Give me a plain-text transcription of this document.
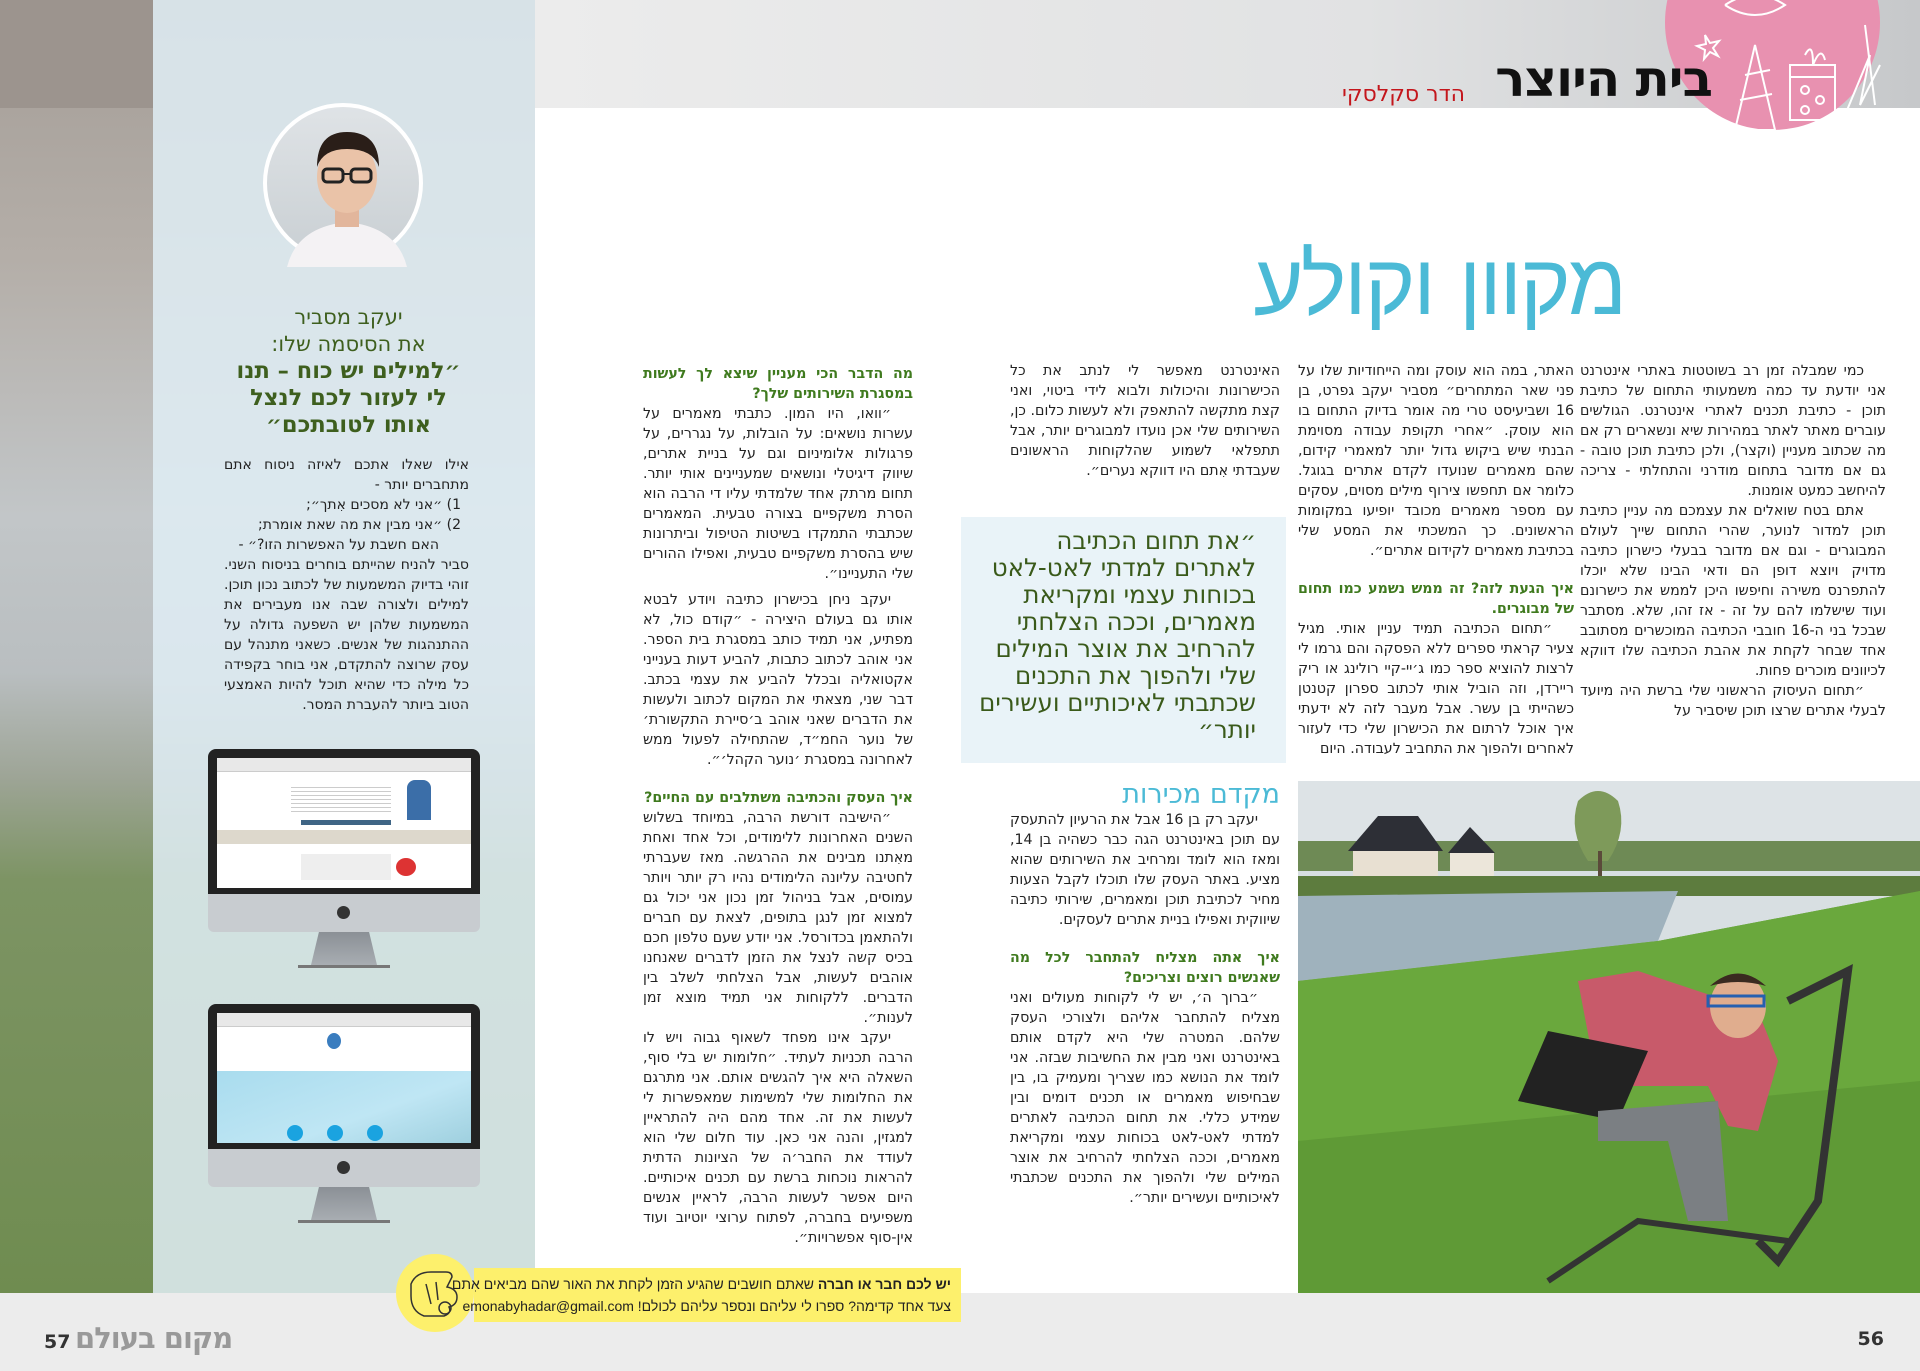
בית היוצר
הדר סקלסקי
מקוון וקולע

כמי שמבלה זמן רב בשוטטות באתרי אינטרנט אני יודעת עד כמה משמעותי התחום של כתיבת תוכן - כתיבת תכנים לאתרי אינטרנט. הגולשים עוברים מאתר לאתר במהירות שיא ונשארים רק אם מה שכתוב מעניין (וקצר), ולכן כתיבת תוכן טובה - גם אם מדובר בתחום מודרני והתחלתי - צריכה להיחשב כמעט אומנות.

אתם בטח שואלים את עצמכם מה עניין כתיבת תוכן למדור לנוער, שהרי התחום שייך לעולם המבוגרים - וגם אם מדובר בבעלי כישרון כתיבה מדויק ויוצא דופן הם ודאי הבינו שלא יוכלו להתפרנס משירה וחיפשו היכן לממש את כישרונם ועוד שישלמו להם על זה - אז זהו, שלא. מסתבר שבכל בני ה-16 חובבי הכתיבה המוכשרים מסתובב אחד שבחר לקחת את אהבת הכתיבה שלו דווקא לכיוונים מוכרים פחות.

״תחום העיסוק הראשוני שלי ברשת היה מיועד לבעלי אתרים שרצו תוכן שיסביר על

האתר, במה הוא עוסק ומה הייחודיות שלו על פני שאר המתחרים״ מסביר יעקב גפרט, בן 16 ושביעיסט טרי מה אומר בדיוק התחום בו הוא עוסק. ״אחרי תקופת עבודה מסוימת הבנתי שיש ביקוש גדול יותר למאמרי קידום, שהם מאמרים שנועדו לקדם אתרים בגוגל. כלומר אם תחפשו צירוף מילים מסוים, עסקים עם מספר מאמרים מכובד יופיעו במקומות הראשונים. כך המשכתי את המסע שלי בכתיבת מאמרים לקידום אתרים״.

איך הגעת לזה? זה ממש נשמע כמו תחום של מבוגרים.

״תחום הכתיבה תמיד עניין אותי. מגיל צעיר קראתי ספרים ללא הפסקה והם גרמו לי לרצות להוציא ספר כמו ג׳יי-קיי רולינג או ריק ריירדן, וזה הוביל אותי לכתוב ספרון קטנטן כשהייתי בן עשר. אבל מעבר לזה לא ידעתי איך אוכל לרתום את הכישרון שלי כדי לעזור לאחרים ולהפוך את התחביב לעבודה. היום

האינטרנט מאפשר לי לנתב את כל הכישרונות והיכולות ולבוא לידי ביטוי, ואני קצת מתקשה להתאפק ולא לעשות כלום. כן, השירותים שלי אכן נועדו למבוגרים יותר, אבל תתפלאי לשמוע שהלקוחות הראשונים שעבדתי אִתם היו דווקא נערים״.

״את תחום הכתיבה לאתרים למדתי לאט-לאט בכוחות עצמי ומקריאת מאמרים, וככה הצלחתי להרחיב את אוצר המילים שלי ולהפוך את התכנים שכתבתי לאיכותיים ועשירים יותר״
מקדם מכירות

יעקב רק בן 16 אבל את הרעיון להתעסק עם תוכן באינטרנט הגה כבר כשהיה בן 14, ומאז הוא לומד ומרחיב את השירותים שהוא מציע. באתר העסק שלו תוכלו לקבל הצעות מחיר לכתיבת תוכן ומאמרים, שירותי כתיבה שיווקית ואפילו בניית אתרים לעסקים.

איך אתה מצליח להתחבר לכל מה שאנשים רוצים וצריכים?

״ברוך ה׳, יש לי לקוחות מעולים ואני מצליח להתחבר אליהם ולצורכי העסק שלהם. המטרה שלי היא לקדם אותם באינטרנט ואני מבין את החשיבות שבזה. אני לומד את הנושא כמו שצריך ומעמיק בו, בין שבחיפוש מאמרים או תכנים דומים ובין שמידע כללי. את תחום הכתיבה לאתרים למדתי לאט-לאט בכוחות עצמי ומקריאת מאמרים, וככה הצלחתי להרחיב את אוצר המילים שלי ולהפוך את התכנים שכתבתי לאיכותיים ועשירים יותר״.

מה הדבר הכי מעניין שיצא לך לעשות במסגרת השירותים שלך?

״וואו, היו המון. כתבתי מאמרים על עשרות נושאים: על הובלות, על נגררים, על פרגולות אלומיניום וגם על בניית אתרים, שיווק דיגיטלי ונושאים שמעניינים אותי יותר. תחום מרתק אחד שלמדתי עליו די הרבה הוא הסרת משקפיים בצורה טבעית. המאמרים שכתבתי התמקדו בשיטות הטיפול וביתרונות שיש בהסרת משקפיים טבעית, ואפילו ההורים שלי התעניינו״.

יעקב ניחן בכישרון כתיבה ויודע לבטא אותו גם בעולם היצירה - ״קודם כול, לא מפתיע, אני תמיד כותב במסגרת בית הספר. אני אוהב לכתוב כתבות, להביע דעות בענייני אקטואליה ובכלל להביע את עצמי בכתב. דבר שני, מצאתי את המקום לכתוב ולעשות את הדברים שאני אוהב ב׳סיירת התקשורת׳ של נוער החמ״ד, שהתחילה לפעול ממש לאחרונה במסגרת ׳נוער הקהל׳״.

איך העסק והכתיבה משתלבים עם החיים?

״הישיבה דורשת הרבה, במיוחד בשלוש השנים האחרונות ללימודים, וכל אחד ואחת מאִתנו מבינים את ההרגשה. מאז שעברתי לחטיבה עליונה הלימודים נהיו רק יותר ויותר עמוסים, אבל בניהול זמן נכון אני יכול גם למצוא זמן לנגן בתופים, לצאת עם חברים ולהתאמן בכדורסל. אני יודע שעם טלפון חכם בכיס קשה לנצל את הזמן לדברים שאנחנו אוהבים לעשות, אבל הצלחתי לשלב בין הדברים. ללקוחות אני תמיד מוצא זמן לענות״.

יעקב אינו מפחד לשאוף גבוה ויש לו הרבה תכניות לעתיד. ״חלומות יש בלי סוף, השאלה היא איך להגשים אותם. אני מתרגם את החלומות שלי למשימות שמאפשרות לי לעשות את זה. אחד מהם היה להתראיין למגזין, והנה אני כאן. עוד חלום שלי הוא לעודד את החבר׳ה של הציונות הדתית להראות נוכחות ברשת עם תכנים איכותיים. היום אפשר לעשות הרבה, לראיין אנשים משפיעים בחברה, לפתוח ערוצי יוטיוב ועוד אין-סוף אפשרויות״.

יעקב מסביר
את הסיסמה שלו:
״למילים יש כוח – תנו לי לעזור לכם לנצל אותו לטובתכם״

אילו שאלו אתכם לאיזה ניסוח אתם מתחברים יותר -

1) ״אני לא מסכים אִתך״;

2) ״אני מבין את מה שאת אומרת;

האם חשבת על האפשרות הזו?״ -

סביר להניח שהייתם בוחרים בניסוח השני. זוהי בדיוק המשמעות של לכתוב נכון תוכן. למילים ולצורה שבה אנו מעבירים את המשמעות שלהן יש השפעה גדולה על ההתנהגות של אנשים. כשאני מתנהל עם עסק שרוצה להתקדם, אני בוחר בקפידה כל מילה כדי שהיא תוכל להיות האמצעי הטוב ביותר להעברת המסר.

יש לכם חבר או חברה שאתם חושבים שהגיע הזמן לקחת את האור שהם מביאים אִתם
צעד אחד קדימה? ספרו לי עליהם ונספר עליהם לכולם! emonabyhadar@gmail.com
57 מקום בעולם	56
